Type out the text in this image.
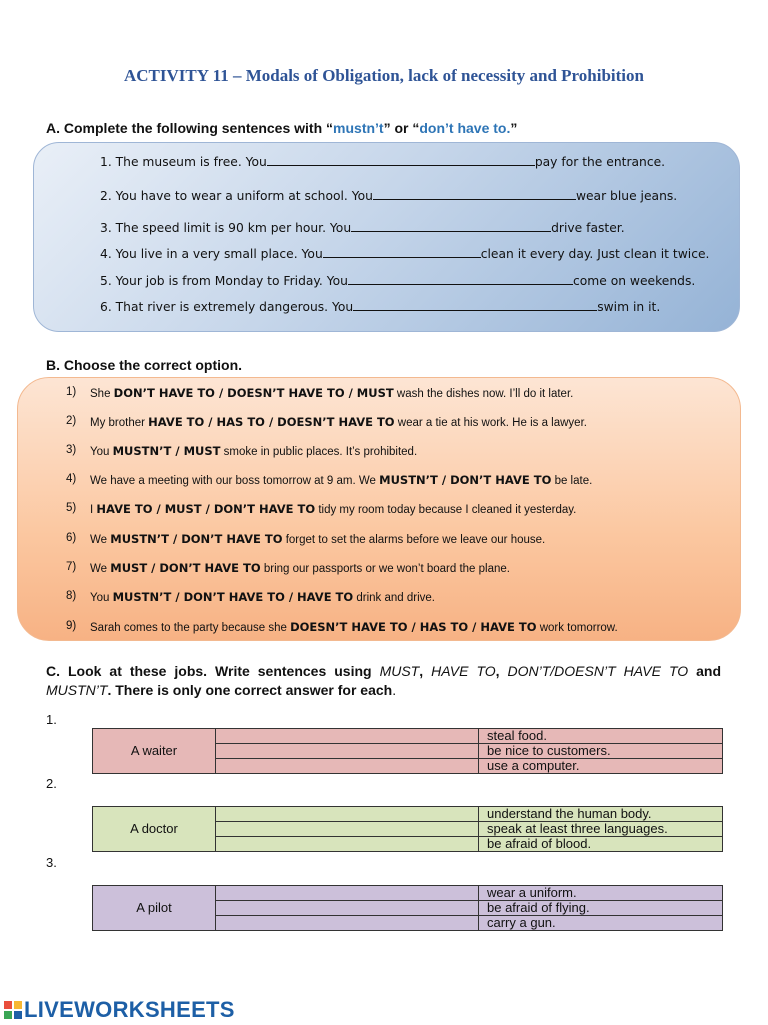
ACTIVITY 11 – Modals of Obligation, lack of necessity and Prohibition
A. Complete the following sentences with “mustn’t” or “don’t have to.”
1. The museum is free. You	pay for the entrance.
2. You have to wear a uniform at school. You	wear blue jeans.
3. The speed limit is 90 km per hour. You	drive faster.
4. You live in a very small place. You	clean it every day. Just clean it twice.
5. Your job is from Monday to Friday. You	come on weekends.
6. That river is extremely dangerous. You	swim in it.
B. Choose the correct option.
1)	She DON’T HAVE TO / DOESN’T HAVE TO / MUST wash the dishes now. I’ll do it later.
2)	My brother HAVE TO / HAS TO / DOESN’T HAVE TO wear a tie at his work. He is a lawyer.
3)	You MUSTN’T / MUST smoke in public places. It’s prohibited.
4)	We have a meeting with our boss tomorrow at 9 am. We MUSTN’T / DON’T HAVE TO be late.
5)	I HAVE TO / MUST / DON’T HAVE TO tidy my room today because I cleaned it yesterday.
6)	We MUSTN’T / DON’T HAVE TO forget to set the alarms before we leave our house.
7)	We MUST / DON’T HAVE TO bring our passports or we won’t board the plane.
8)	You MUSTN’T / DON’T HAVE TO / HAVE TO drink and drive.
9)	Sarah comes to the party because she DOESN’T HAVE TO / HAS TO / HAVE TO work tomorrow.
C. Look at these jobs. Write sentences using MUST, HAVE TO, DON’T/DOESN’T HAVE TO and MUSTN’T. There is only one correct answer for each.
1.
A waiter		steal food.
		be nice to customers.
		use a computer.
2.
A doctor		understand the human body.
		speak at least three languages.
		be afraid of blood.
3.
A pilot		wear a uniform.
		be afraid of flying.
		carry a gun.
LIVEWORKSHEETS
